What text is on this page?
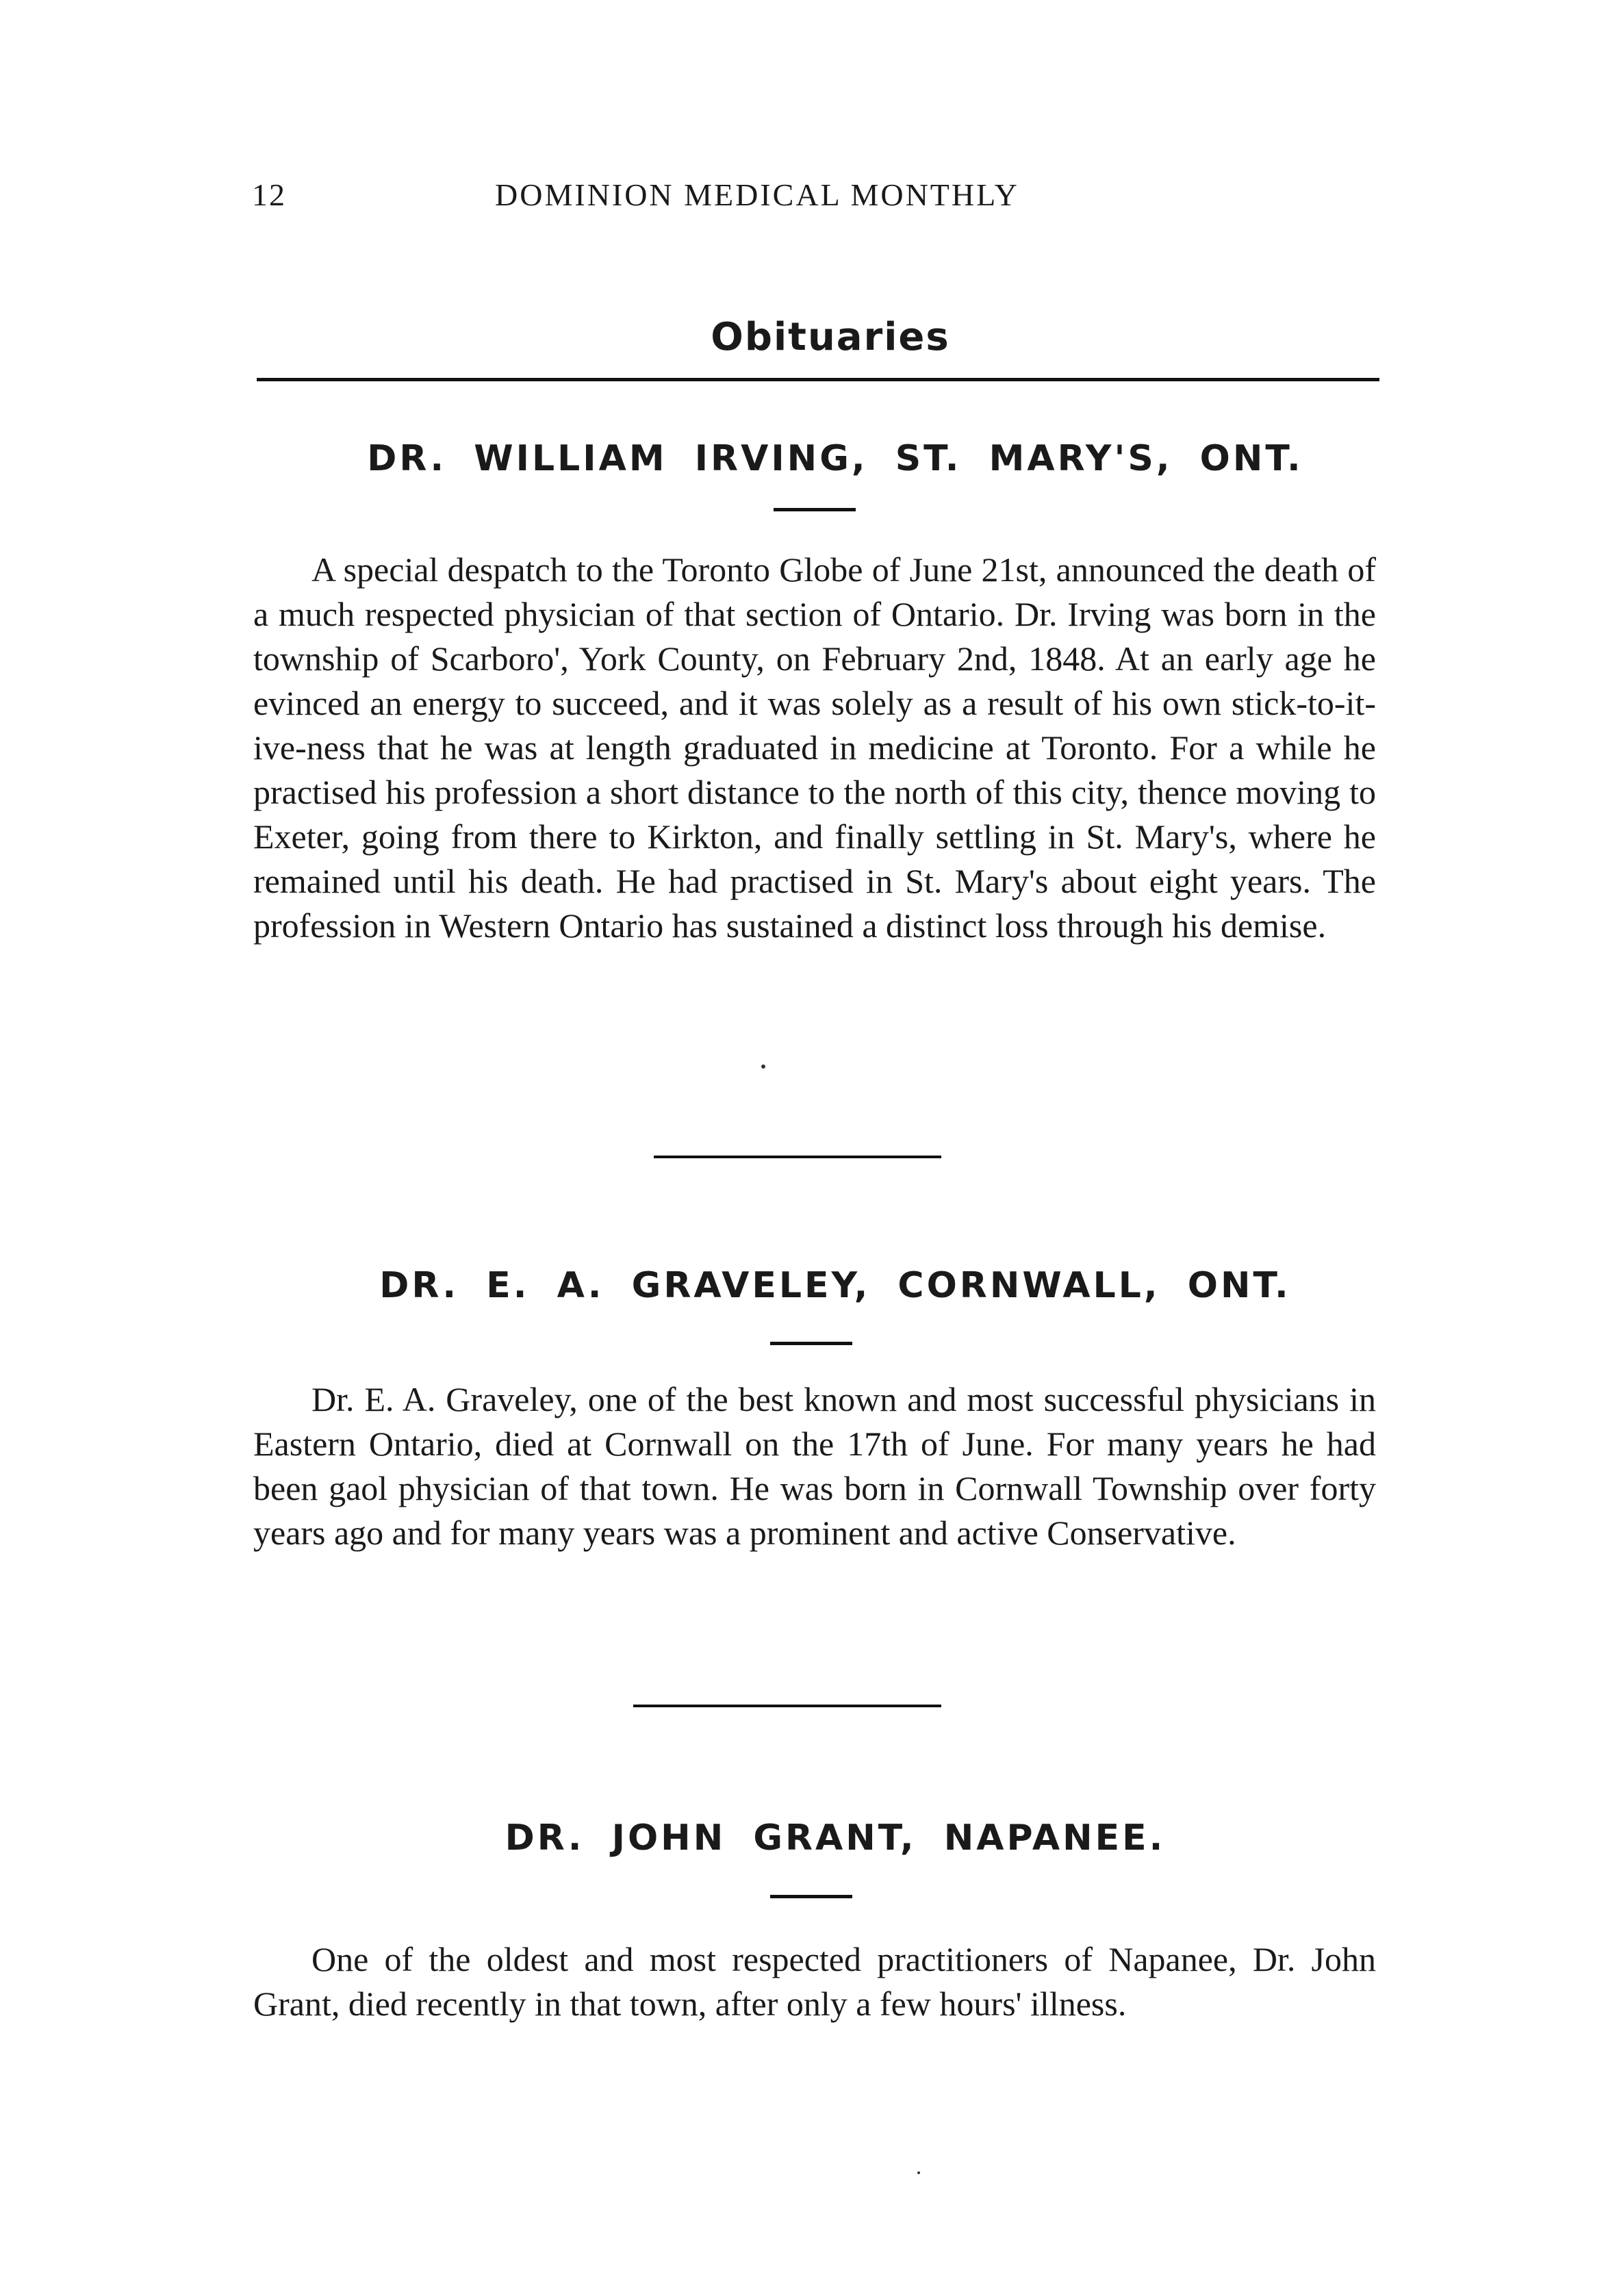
12	DOMINION MEDICAL MONTHLY
Obituaries
DR. WILLIAM IRVING, ST. MARY'S, ONT.

A special despatch to the Toronto Globe of June 21st, announced the death of a much respected physician of that section of Ontario. Dr. Irving was born in the township of Scarboro', York County, on February 2nd, 1848. At an early age he evinced an energy to succeed, and it was solely as a result of his own stick-to-it-ive-ness that he was at length graduated in medicine at Toronto. For a while he practised his profession a short distance to the north of this city, thence moving to Exeter, going from there to Kirkton, and finally settling in St. Mary's, where he remained until his death. He had practised in St. Mary's about eight years. The profession in Western Ontario has sustained a distinct loss through his demise.

DR. E. A. GRAVELEY, CORNWALL, ONT.

Dr. E. A. Graveley, one of the best known and most successful physicians in Eastern Ontario, died at Cornwall on the 17th of June. For many years he had been gaol physician of that town. He was born in Cornwall Township over forty years ago and for many years was a prominent and active Conservative.

DR. JOHN GRANT, NAPANEE.

One of the oldest and most respected practitioners of Napanee, Dr. John Grant, died recently in that town, after only a few hours' illness.
